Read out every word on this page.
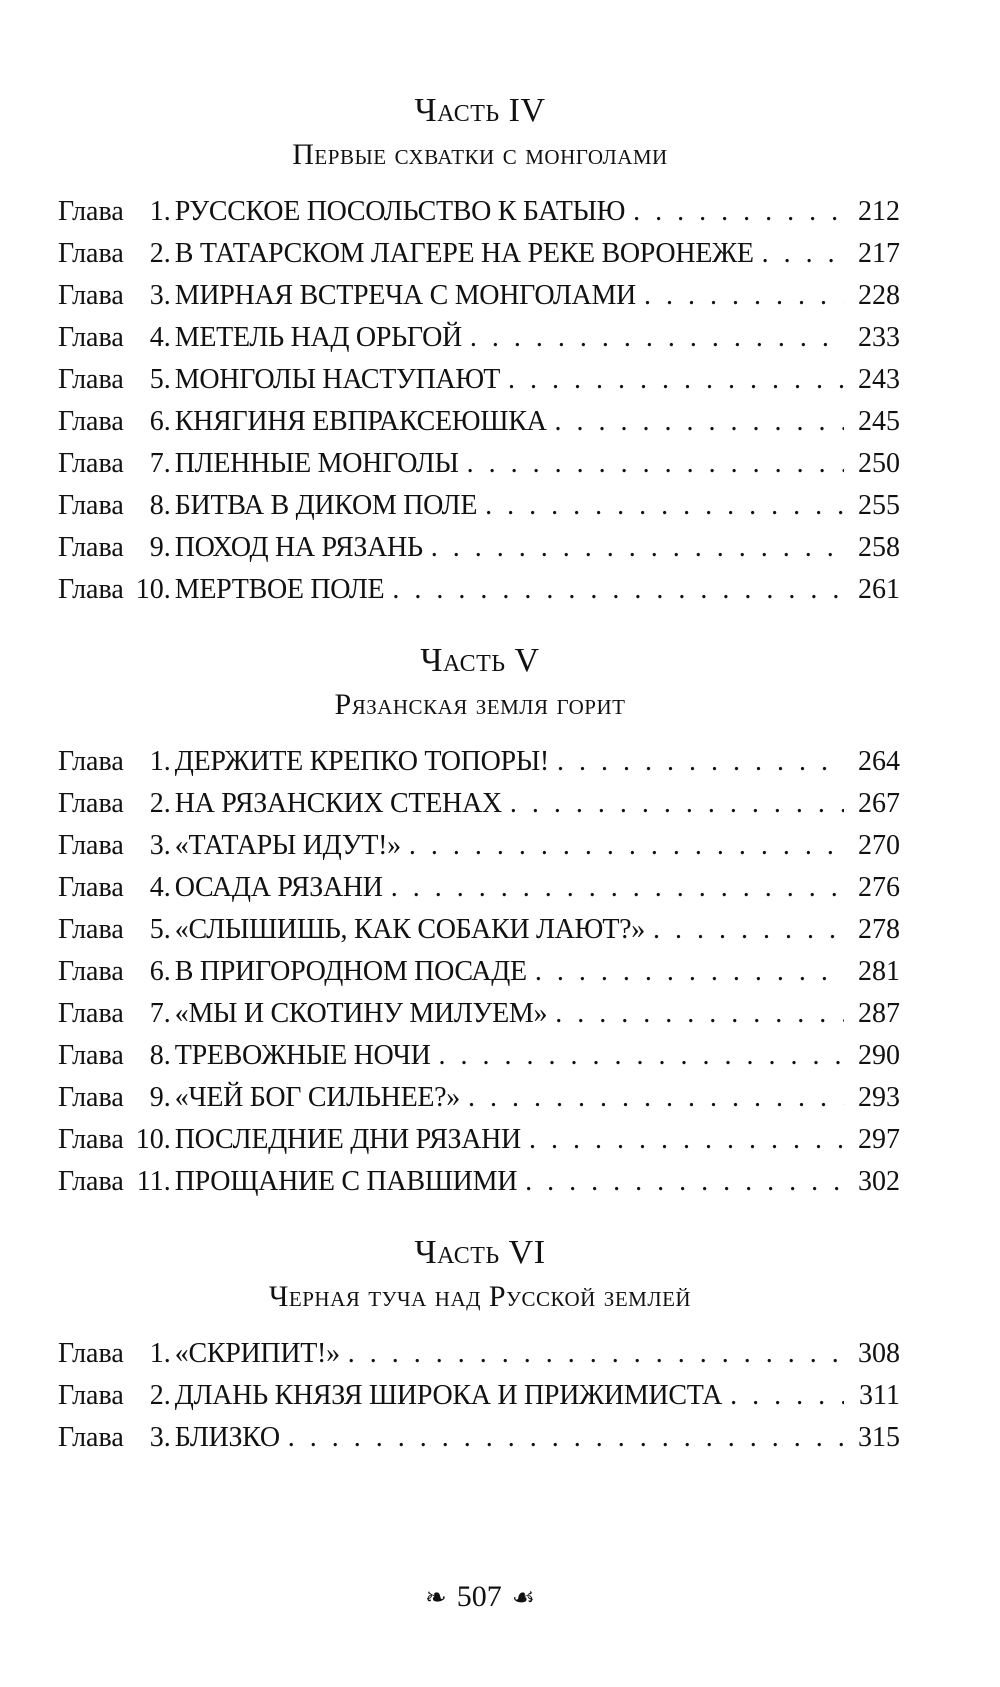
Часть IV
Первые схватки с монголами
Глава 1 . РУССКОЕ ПОСОЛЬСТВО К БАТЫЮ . . .	212
Глава 2 . В ТАТАРСКОМ ЛАГЕРЕ НА РЕКЕ ВОРОНЕЖЕ . . .	217
Глава 3 . МИРНАЯ ВСТРЕЧА С МОНГОЛАМИ . . .	228
Глава 4 . МЕТЕЛЬ НАД ОРЬГОЙ . . .	233
Глава 5 . МОНГОЛЫ НАСТУПАЮТ . . .	243
Глава 6 . КНЯГИНЯ ЕВПРАКСЕЮШКА . . .	245
Глава 7 . ПЛЕННЫЕ МОНГОЛЫ . . .	250
Глава 8 . БИТВА В ДИКОМ ПОЛЕ . . .	255
Глава 9 . ПОХОД НА РЯЗАНЬ . . .	258
Глава 10 . МЕРТВОЕ ПОЛЕ . . .	261
Часть V
Рязанская земля горит
Глава 1 . ДЕРЖИТЕ КРЕПКО ТОПОРЫ! . . .	264
Глава 2 . НА РЯЗАНСКИХ СТЕНАХ . . .	267
Глава 3 . «ТАТАРЫ ИДУТ!» . . .	270
Глава 4 . ОСАДА РЯЗАНИ . . .	276
Глава 5 . «СЛЫШИШЬ, КАК СОБАКИ ЛАЮТ?» . . .	278
Глава 6 . В ПРИГОРОДНОМ ПОСАДЕ . . .	281
Глава 7 . «МЫ И СКОТИНУ МИЛУЕМ» . . .	287
Глава 8 . ТРЕВОЖНЫЕ НОЧИ . . .	290
Глава 9 . «ЧЕЙ БОГ СИЛЬНЕЕ?» . . .	293
Глава 10 . ПОСЛЕДНИЕ ДНИ РЯЗАНИ . . .	297
Глава 11 . ПРОЩАНИЕ С ПАВШИМИ . . .	302
Часть VI
Черная туча над Русской землей
Глава 1 . «СКРИПИТ!» . . .	308
Глава 2 . ДЛАНЬ КНЯЗЯ ШИРОКА И ПРИЖИМИСТА . . .	311
Глава 3 . БЛИЗКО . . .	315
❧ 507 ☙
